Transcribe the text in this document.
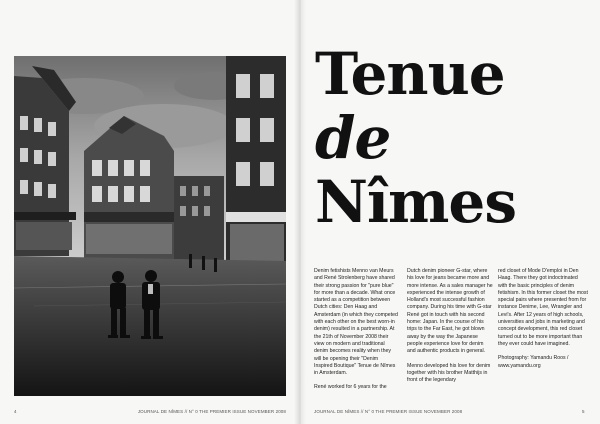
Tenue
de
Nîmes

Denim fetishists Menno van Meurs and René Strolenberg have shared their strong passion for "pure blue" for more than a decade. What once started as a competition between Dutch cities: Den Haag and Amsterdam (in which they competed with each other on the best worn-in denim) resulted in a partnership. At the 21th of November 2008 their view on modern and traditional denim becomes reality when they will be opening their "Denim Inspired Boutique" Tenue de Nîmes in Amsterdam.

René worked for 6 years for the

Dutch denim pioneer G-star, where his love for jeans became more and more intense. As a sales manager he experienced the intense growth of Holland's most successful fashion company. During his time with G-star René got in touch with his second home: Japan. In the course of his trips to the Far East, he got blown away by the way the Japanese people experience love for denim and authentic products in general.

Menno developed his love for denim together with his brother Matthijs in front of the legendary

red closet of Mode D'emploi in Den Haag. There they got indoctrinated with the basic principles of denim fetishism. In this former closet the most special pairs where presented from for instance Denime, Lee, Wrangler and Levi's. After 12 years of high schools, universities and jobs in marketing and concept development, this red closet turned out to be more important than they ever could have imagined.

Photography: Yamandu Roos /
www.yamandu.org

4	JOURNAL DE NÎMES // N° 0 THE PREMIER ISSUE NOVEMBER 2008	JOURNAL DE NÎMES // N° 0 THE PREMIER ISSUE NOVEMBER 2008	5
